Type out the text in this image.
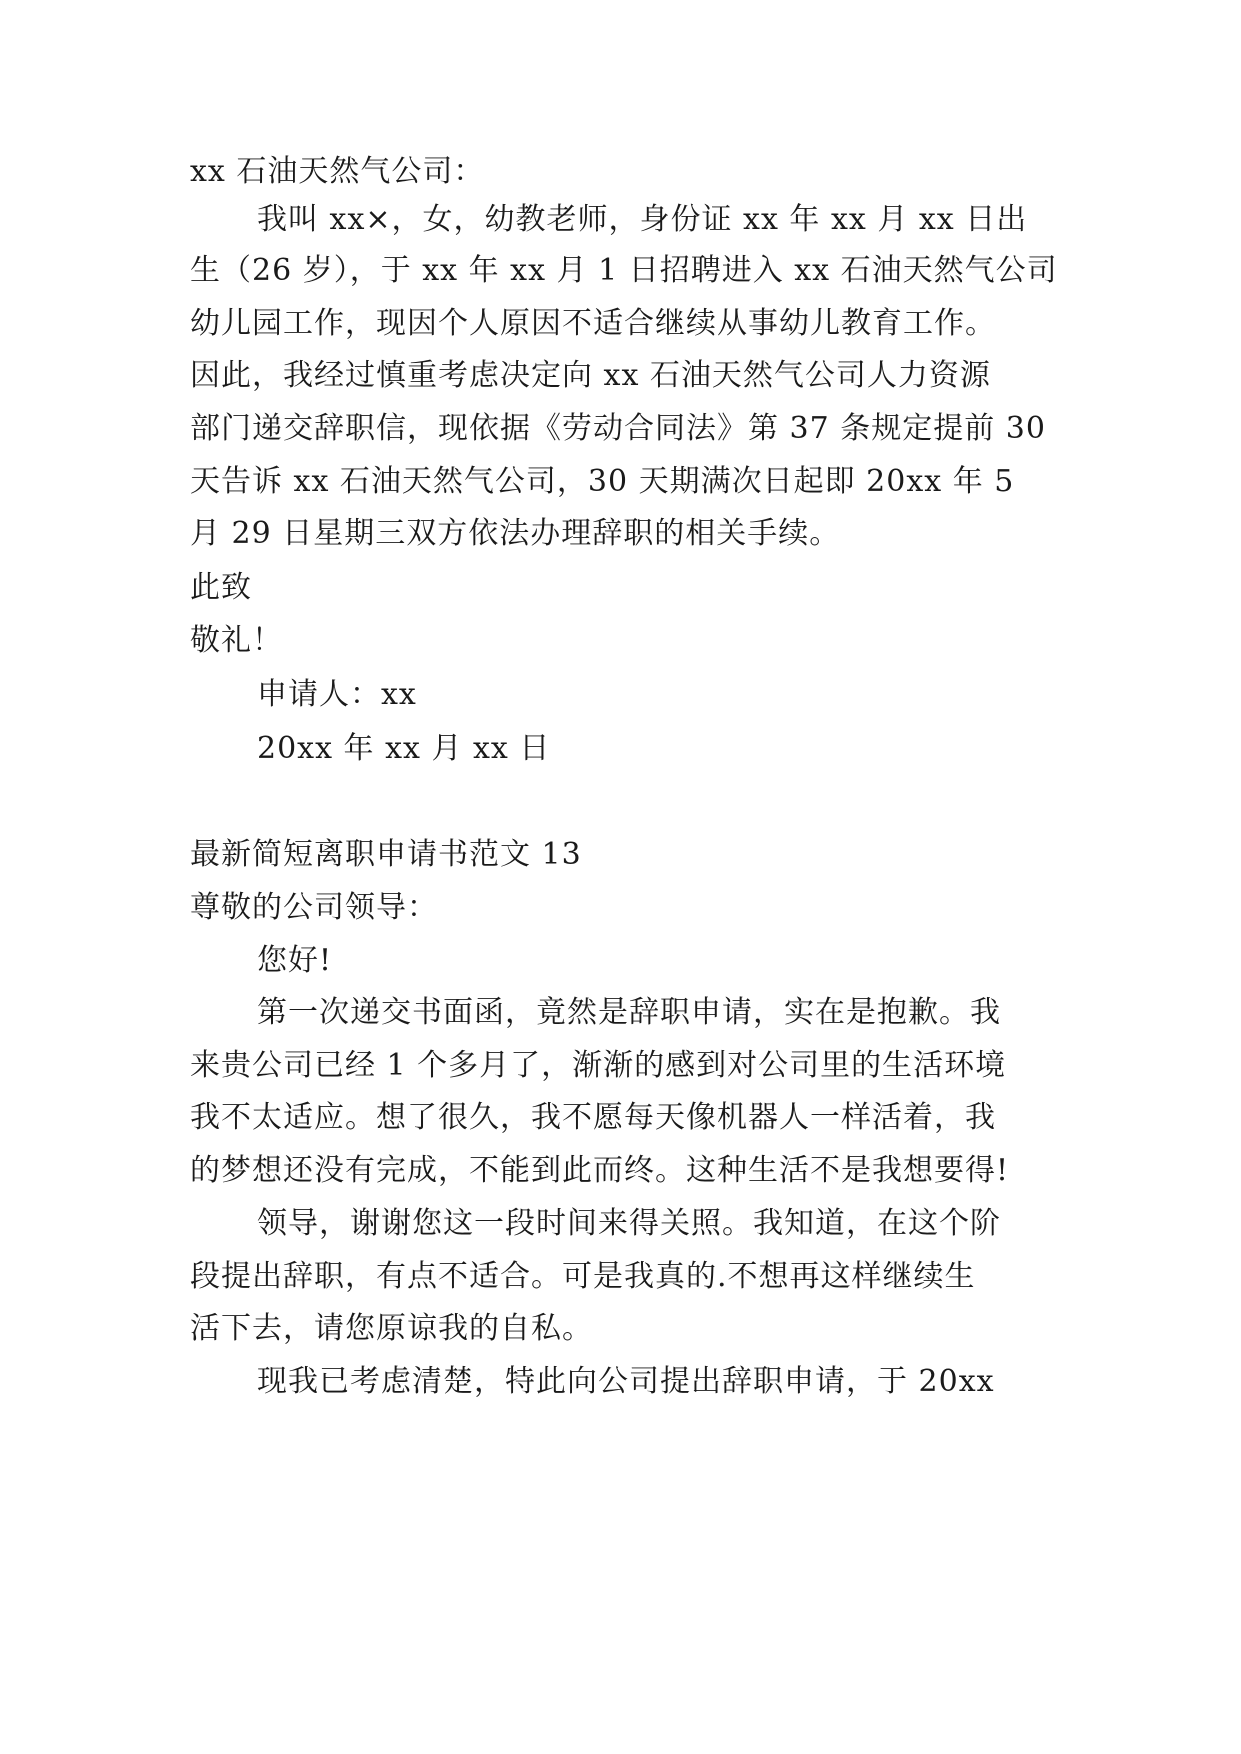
xx 石油天然气公司：
我叫 xx×，女，幼教老师，身份证 xx 年 xx 月 xx 日出
生（26 岁），于 xx 年 xx 月 1 日招聘进入 xx 石油天然气公司
幼儿园工作，现因个人原因不适合继续从事幼儿教育工作。
因此，我经过慎重考虑决定向 xx 石油天然气公司人力资源
部门递交辞职信，现依据《劳动合同法》第 37 条规定提前 30
天告诉 xx 石油天然气公司，30 天期满次日起即 20xx 年 5
月 29 日星期三双方依法办理辞职的相关手续。
此致
敬礼！
申请人：xx
20xx 年 xx 月 xx 日
最新简短离职申请书范文 13
尊敬的公司领导：
您好!
第一次递交书面函，竟然是辞职申请，实在是抱歉。我
来贵公司已经 1 个多月了，渐渐的感到对公司里的生活环境
我不太适应。想了很久，我不愿每天像机器人一样活着，我
的梦想还没有完成，不能到此而终。这种生活不是我想要得!
领导，谢谢您这一段时间来得关照。我知道，在这个阶
段提出辞职，有点不适合。可是我真的.不想再这样继续生
活下去，请您原谅我的自私。
现我已考虑清楚，特此向公司提出辞职申请，于 20xx
